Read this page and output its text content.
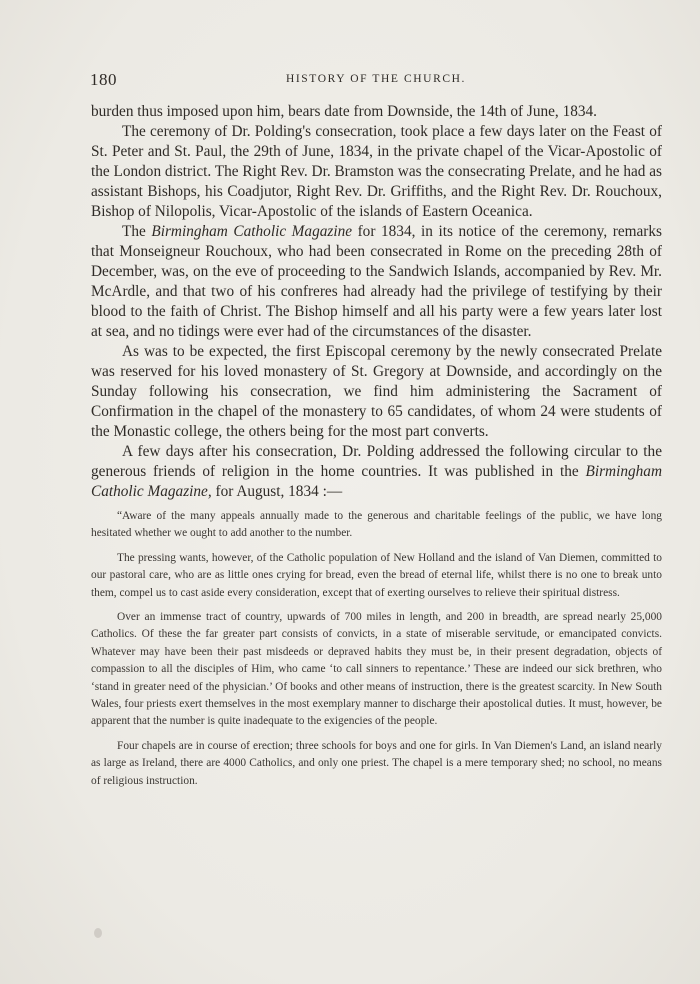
180	HISTORY OF THE CHURCH.

burden thus imposed upon him, bears date from Downside, the 14th of June, 1834.

The ceremony of Dr. Polding's consecration, took place a few days later on the Feast of St. Peter and St. Paul, the 29th of June, 1834, in the private chapel of the Vicar-Apostolic of the London district. The Right Rev. Dr. Bramston was the consecrating Prelate, and he had as assistant Bishops, his Coadjutor, Right Rev. Dr. Griffiths, and the Right Rev. Dr. Rouchoux, Bishop of Nilopolis, Vicar-Apostolic of the islands of Eastern Oceanica.

The Birmingham Catholic Magazine for 1834, in its notice of the ceremony, remarks that Monseigneur Rouchoux, who had been consecrated in Rome on the preceding 28th of December, was, on the eve of proceeding to the Sandwich Islands, accompanied by Rev. Mr. McArdle, and that two of his confreres had already had the privilege of testifying by their blood to the faith of Christ. The Bishop himself and all his party were a few years later lost at sea, and no tidings were ever had of the circumstances of the disaster.

As was to be expected, the first Episcopal ceremony by the newly consecrated Prelate was reserved for his loved monastery of St. Gregory at Downside, and accordingly on the Sunday following his consecration, we find him administering the Sacrament of Confirmation in the chapel of the monastery to 65 candidates, of whom 24 were students of the Monastic college, the others being for the most part converts.

A few days after his consecration, Dr. Polding addressed the following circular to the generous friends of religion in the home countries. It was published in the Birmingham Catholic Magazine, for August, 1834 :—

“Aware of the many appeals annually made to the generous and charitable feelings of the public, we have long hesitated whether we ought to add another to the number.

The pressing wants, however, of the Catholic population of New Holland and the island of Van Diemen, committed to our pastoral care, who are as little ones crying for bread, even the bread of eternal life, whilst there is no one to break unto them, compel us to cast aside every consideration, except that of exerting ourselves to relieve their spiritual distress.

Over an immense tract of country, upwards of 700 miles in length, and 200 in breadth, are spread nearly 25,000 Catholics. Of these the far greater part consists of convicts, in a state of miserable servitude, or emancipated convicts. Whatever may have been their past misdeeds or depraved habits they must be, in their present degradation, objects of compassion to all the disciples of Him, who came ‘to call sinners to repentance.’ These are indeed our sick brethren, who ‘stand in greater need of the physician.’ Of books and other means of instruction, there is the greatest scarcity. In New South Wales, four priests exert themselves in the most exemplary manner to discharge their apostolical duties. It must, however, be apparent that the number is quite inadequate to the exigencies of the people.

Four chapels are in course of erection; three schools for boys and one for girls. In Van Diemen's Land, an island nearly as large as Ireland, there are 4000 Catholics, and only one priest. The chapel is a mere temporary shed; no school, no means of religious instruction.
